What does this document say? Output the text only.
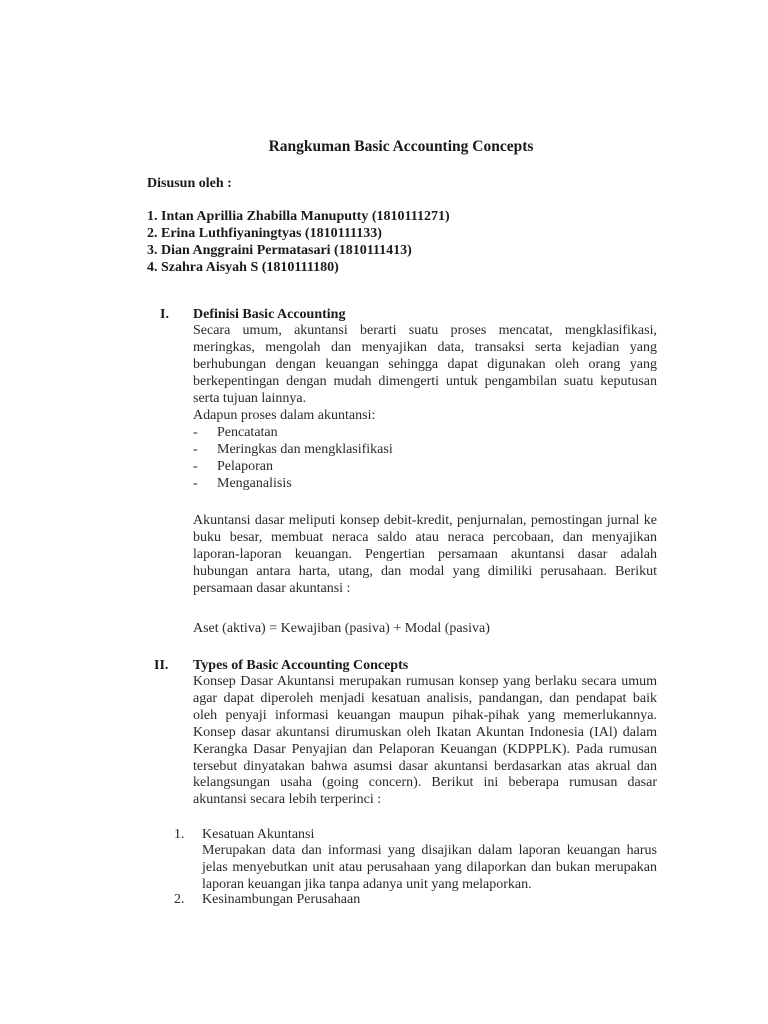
Rangkuman Basic Accounting Concepts
Disusun oleh :
1. Intan Aprillia Zhabilla Manuputty (1810111271)
2. Erina Luthfiyaningtyas (1810111133)
3. Dian Anggraini Permatasari (1810111413)
4. Szahra Aisyah S (1810111180)
I. Definisi Basic Accounting

Secara umum, akuntansi berarti suatu proses mencatat, mengklasifikasi, meringkas, mengolah dan menyajikan data, transaksi serta kejadian yang berhubungan dengan keuangan sehingga dapat digunakan oleh orang yang berkepentingan dengan mudah dimengerti untuk pengambilan suatu keputusan serta tujuan lainnya.

Adapun proses dalam akuntansi:
- Pencatatan
- Meringkas dan mengklasifikasi
- Pelaporan
- Menganalisis

Akuntansi dasar meliputi konsep debit-kredit, penjurnalan, pemostingan jurnal ke buku besar, membuat neraca saldo atau neraca percobaan, dan menyajikan laporan-laporan keuangan. Pengertian persamaan akuntansi dasar adalah hubungan antara harta, utang, dan modal yang dimiliki perusahaan. Berikut persamaan dasar akuntansi :

Aset (aktiva) = Kewajiban (pasiva) + Modal (pasiva)
II. Types of Basic Accounting Concepts

Konsep Dasar Akuntansi merupakan rumusan konsep yang berlaku secara umum agar dapat diperoleh menjadi kesatuan analisis, pandangan, dan pendapat baik oleh penyaji informasi keuangan maupun pihak-pihak yang memerlukannya. Konsep dasar akuntansi dirumuskan oleh Ikatan Akuntan Indonesia (IAl) dalam Kerangka Dasar Penyajian dan Pelaporan Keuangan (KDPPLK). Pada rumusan tersebut dinyatakan bahwa asumsi dasar akuntansi berdasarkan atas akrual dan kelangsungan usaha (going concern). Berikut ini beberapa rumusan dasar akuntansi secara lebih terperinci :

1. Kesatuan Akuntansi

Merupakan data dan informasi yang disajikan dalam laporan keuangan harus jelas menyebutkan unit atau perusahaan yang dilaporkan dan bukan merupakan laporan keuangan jika tanpa adanya unit yang melaporkan.

2. Kesinambungan Perusahaan
